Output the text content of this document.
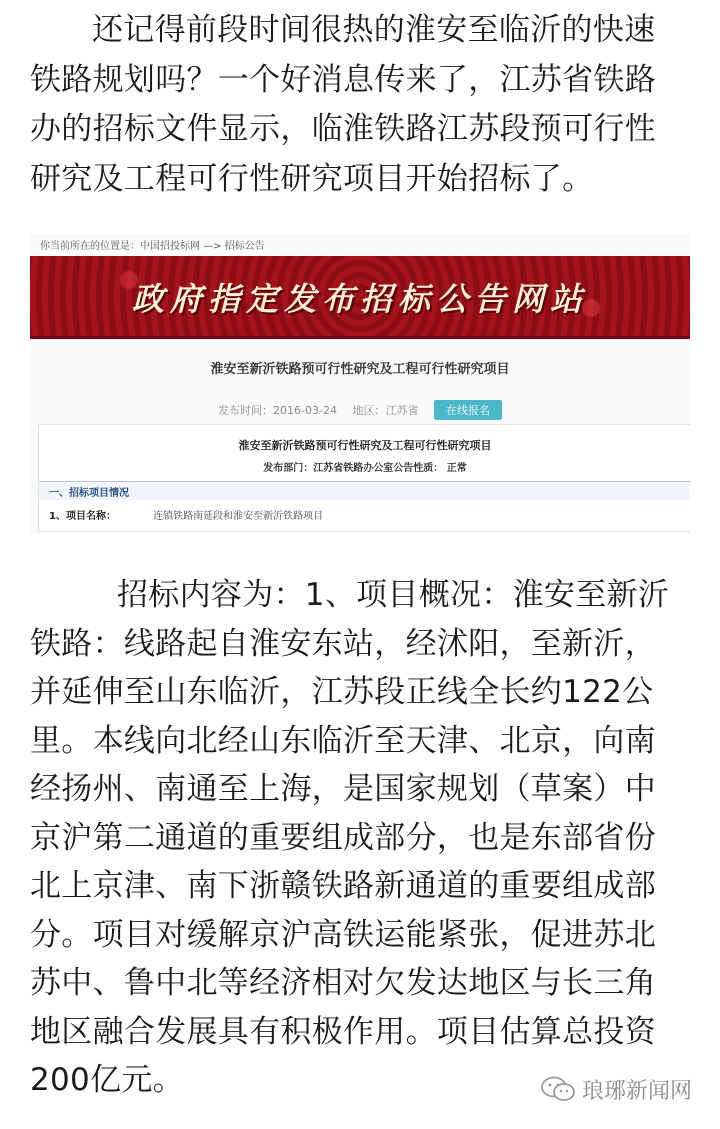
还记得前段时间很热的淮安至临沂的快速铁路规划吗？一个好消息传来了，江苏省铁路办的招标文件显示，临淮铁路江苏段预可行性研究及工程可行性研究项目开始招标了。

你当前所在的位置是：中国招投标网 —> 招标公告
政府指定发布招标公告网站
淮安至新沂铁路预可行性研究及工程可行性研究项目
发布时间：2016-03-24 地区：江苏省	在线报名
淮安至新沂铁路预可行性研究及工程可行性研究项目
发布部门：江苏省铁路办公室公告性质： 正常
一、招标项目情况
1、项目名称：	连镇铁路南延段和淮安至新沂铁路项目

招标内容为：1、项目概况：淮安至新沂铁路：线路起自淮安东站，经沭阳，至新沂，并延伸至山东临沂，江苏段正线全长约122公里。本线向北经山东临沂至天津、北京，向南经扬州、南通至上海，是国家规划（草案）中京沪第二通道的重要组成部分，也是东部省份北上京津、南下浙赣铁路新通道的重要组成部分。项目对缓解京沪高铁运能紧张，促进苏北苏中、鲁中北等经济相对欠发达地区与长三角地区融合发展具有积极作用。项目估算总投资200亿元。	琅琊新闻网
